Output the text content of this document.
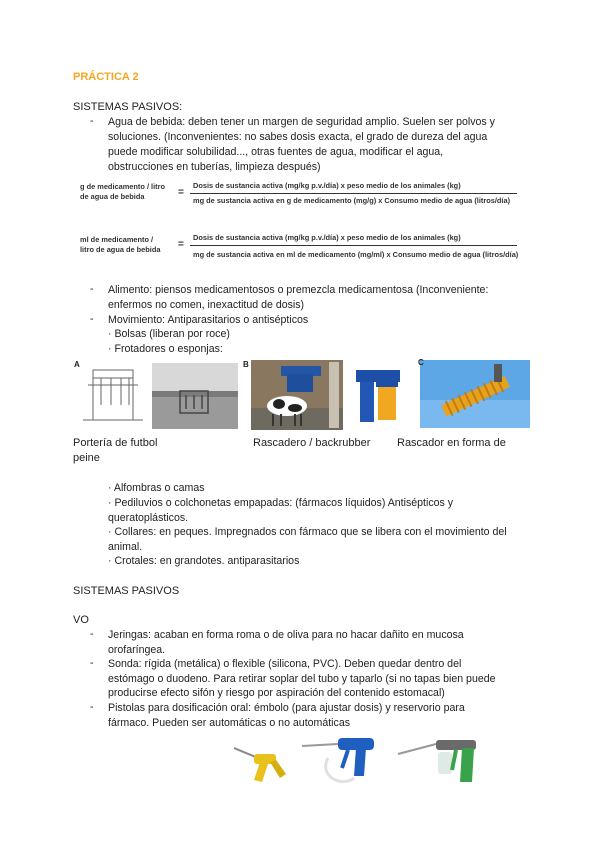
PRÁCTICA 2
SISTEMAS PASIVOS:
- Agua de bebida: deben tener un margen de seguridad amplio. Suelen ser polvos y
soluciones. (Inconvenientes: no sabes dosis exacta, el grado de dureza del agua
puede modificar solubilidad..., otras fuentes de agua, modificar el agua,
obstrucciones en tuberías, limpieza después)
g de medicamento / litro
de agua de bebida	=
Dosis de sustancia activa (mg/kg p.v./día) x peso medio de los animales (kg)
mg de sustancia activa en g de medicamento (mg/g) x Consumo medio de agua (litros/día)
ml de medicamento /
litro de agua de bebida =
Dosis de sustancia activa (mg/kg p.v./día) x peso medio de los animales (kg)
mg de sustancia activa en ml de medicamento (mg/ml) x Consumo medio de agua (litros/día)
- Alimento: piensos medicamentosos o premezcla medicamentosa (Inconveniente:
enfermos no comen, inexactitud de dosis)
- Movimiento: Antiparasitarios o antisépticos
· Bolsas (liberan por roce)
· Frotadores o esponjas:
A	B	C
Portería de futbol
peine
Rascadero / backrubber Rascador en forma de
· Alfombras o camas
· Pediluvios o colchonetas empapadas: (fármacos líquidos) Antisépticos y
queratoplásticos.
· Collares: en peques. Impregnados con fármaco que se libera con el movimiento del
animal.
· Crotales: en grandotes. antiparasitarios
SISTEMAS PASIVOS
VO
- Jeringas: acaban en forma roma o de oliva para no hacar dañito en mucosa
orofaríngea.
- Sonda: rígida (metálica) o flexible (silicona, PVC). Deben quedar dentro del
estómago o duodeno. Para retirar soplar del tubo y taparlo (si no tapas bien puede
producirse efecto sifón y riesgo por aspiración del contenido estomacal)
- Pistolas para dosificación oral: émbolo (para ajustar dosis) y reservorio para
fármaco. Pueden ser automáticas o no automáticas
